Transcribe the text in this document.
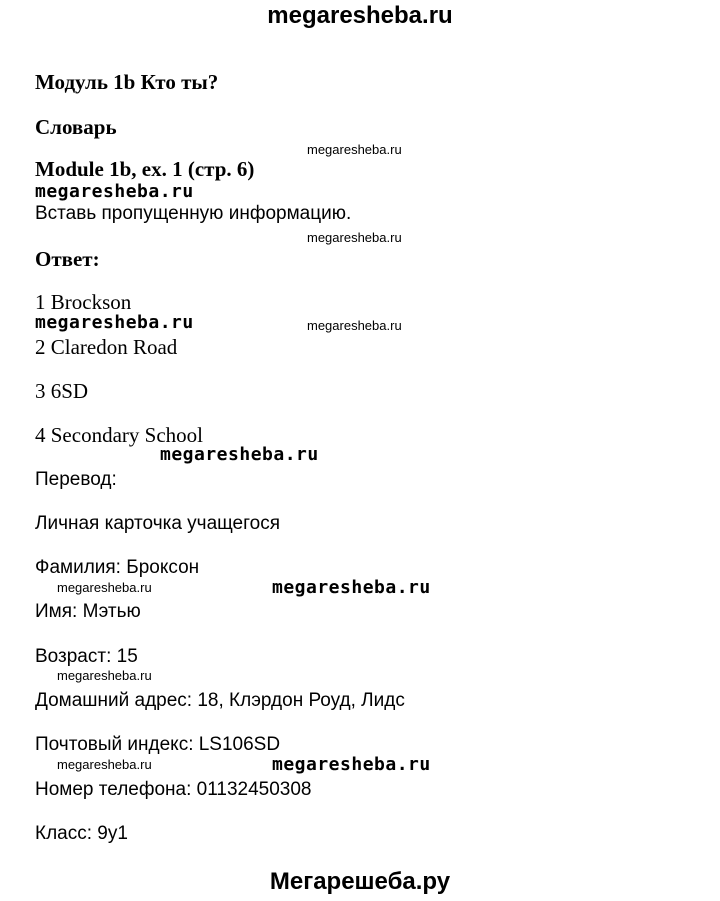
megaresheba.ru
Модуль 1b Кто ты?
Словарь
Module 1b, ex. 1 (стр. 6)
Вставь пропущенную информацию.
Ответ:
1 Brockson
2 Claredon Road
3 6SD
4 Secondary School
Перевод:
Личная карточка учащегося
Фамилия: Броксон
Имя: Мэтью
Возраст: 15
Домашний адрес: 18, Клэрдон Роуд, Лидс
Почтовый индекс: LS106SD
Номер телефона: 01132450308
Класс: 9y1
megaresheba.ru
megaresheba.ru
megaresheba.ru
megaresheba.ru	megaresheba.ru
megaresheba.ru
megaresheba.ru	megaresheba.ru
megaresheba.ru
megaresheba.ru	megaresheba.ru
Мегарешеба.ру
